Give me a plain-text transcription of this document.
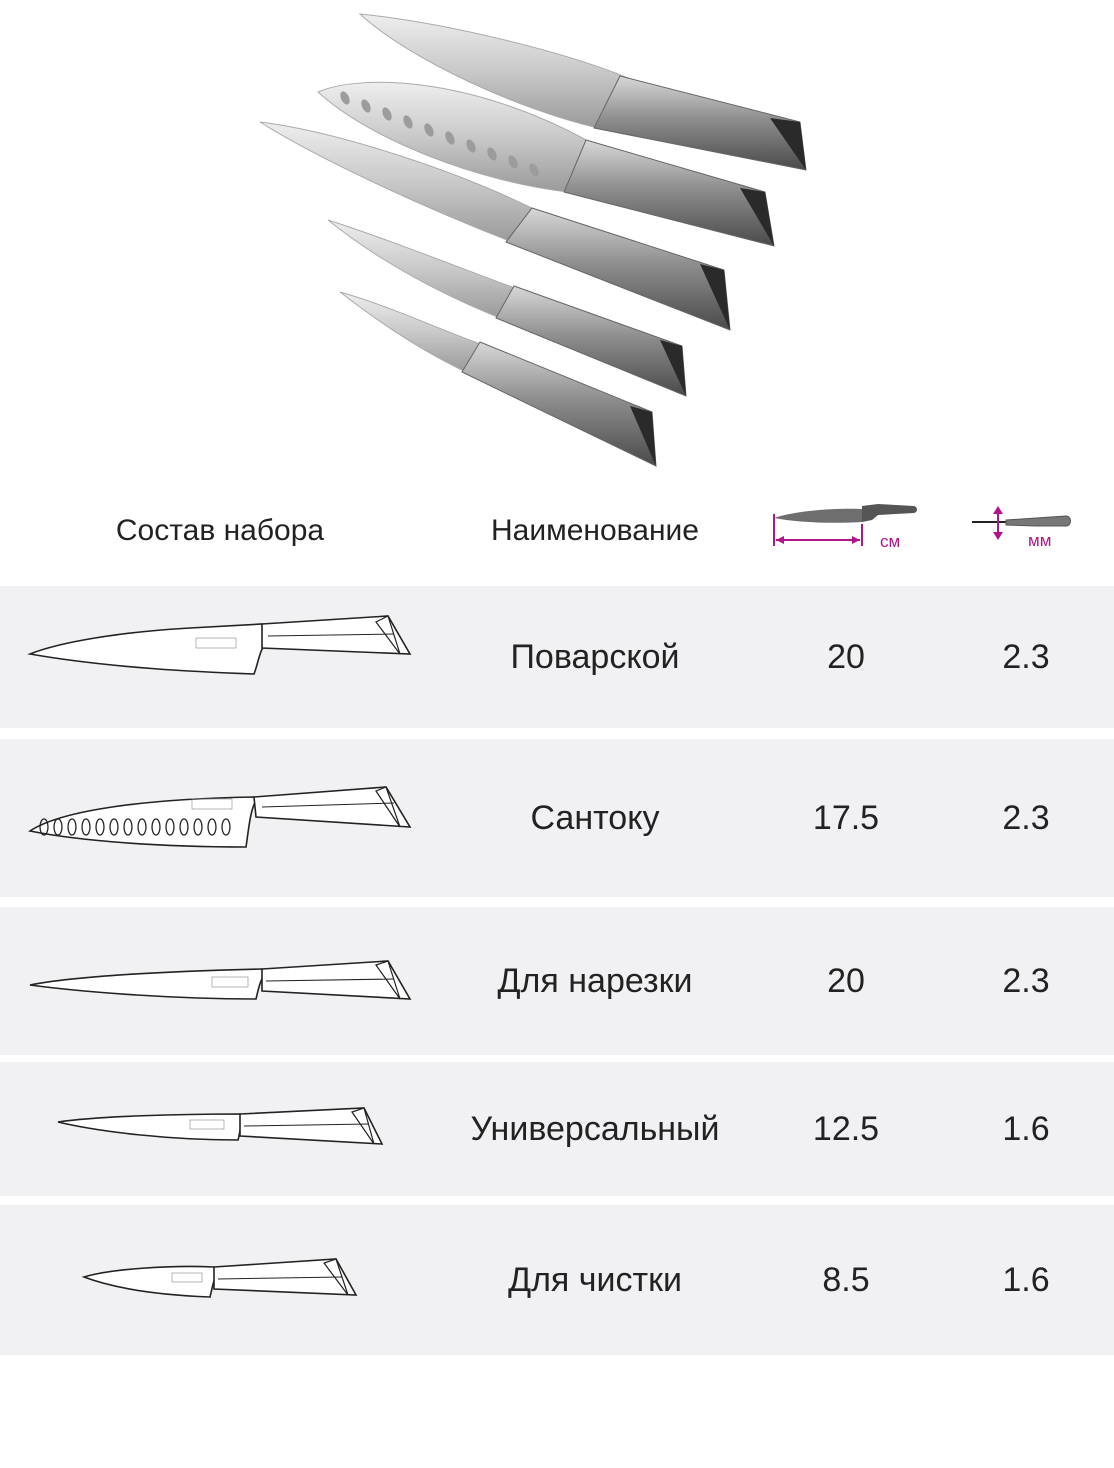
Состав набора	Наименование	см	мм
Поварской	20	2.3
Сантоку	17.5	2.3
Для нарезки	20	2.3
Универсальный	12.5	1.6
Для чистки	8.5	1.6
